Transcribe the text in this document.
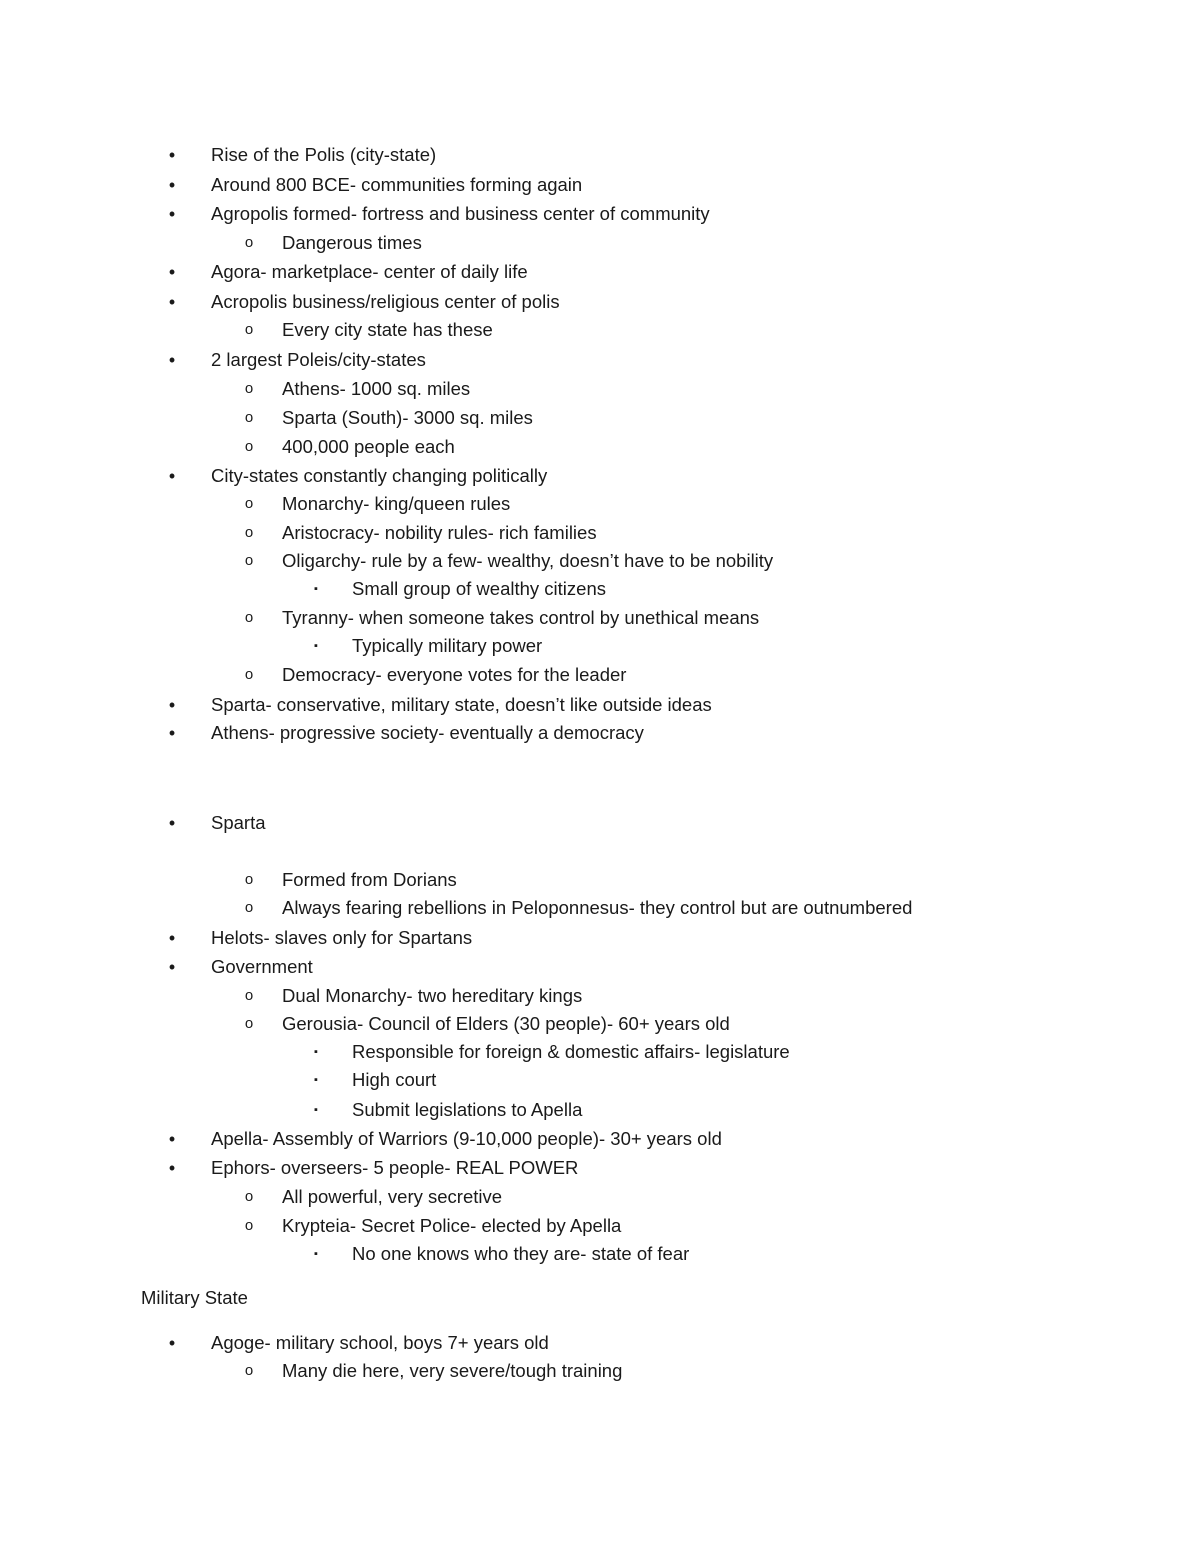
• Rise of the Polis (city-state)
• Around 800 BCE- communities forming again
• Agropolis formed- fortress and business center of community
o Dangerous times
• Agora- marketplace- center of daily life
• Acropolis business/religious center of polis
o Every city state has these
• 2 largest Poleis/city-states
o Athens- 1000 sq. miles
o Sparta (South)- 3000 sq. miles
o 400,000 people each
• City-states constantly changing politically
o Monarchy- king/queen rules
o Aristocracy- nobility rules- rich families
o Oligarchy- rule by a few- wealthy, doesn’t have to be nobility
▪ Small group of wealthy citizens
o Tyranny- when someone takes control by unethical means
▪ Typically military power
o Democracy- everyone votes for the leader
• Sparta- conservative, military state, doesn’t like outside ideas
• Athens- progressive society- eventually a democracy
• Sparta
o Formed from Dorians
o Always fearing rebellions in Peloponnesus- they control but are outnumbered
• Helots- slaves only for Spartans
• Government
o Dual Monarchy- two hereditary kings
o Gerousia- Council of Elders (30 people)- 60+ years old
▪ Responsible for foreign & domestic affairs- legislature
▪ High court
▪ Submit legislations to Apella
• Apella- Assembly of Warriors (9-10,000 people)- 30+ years old
• Ephors- overseers- 5 people- REAL POWER
o All powerful, very secretive
o Krypteia- Secret Police- elected by Apella
▪ No one knows who they are- state of fear
Military State
• Agoge- military school, boys 7+ years old
o Many die here, very severe/tough training
